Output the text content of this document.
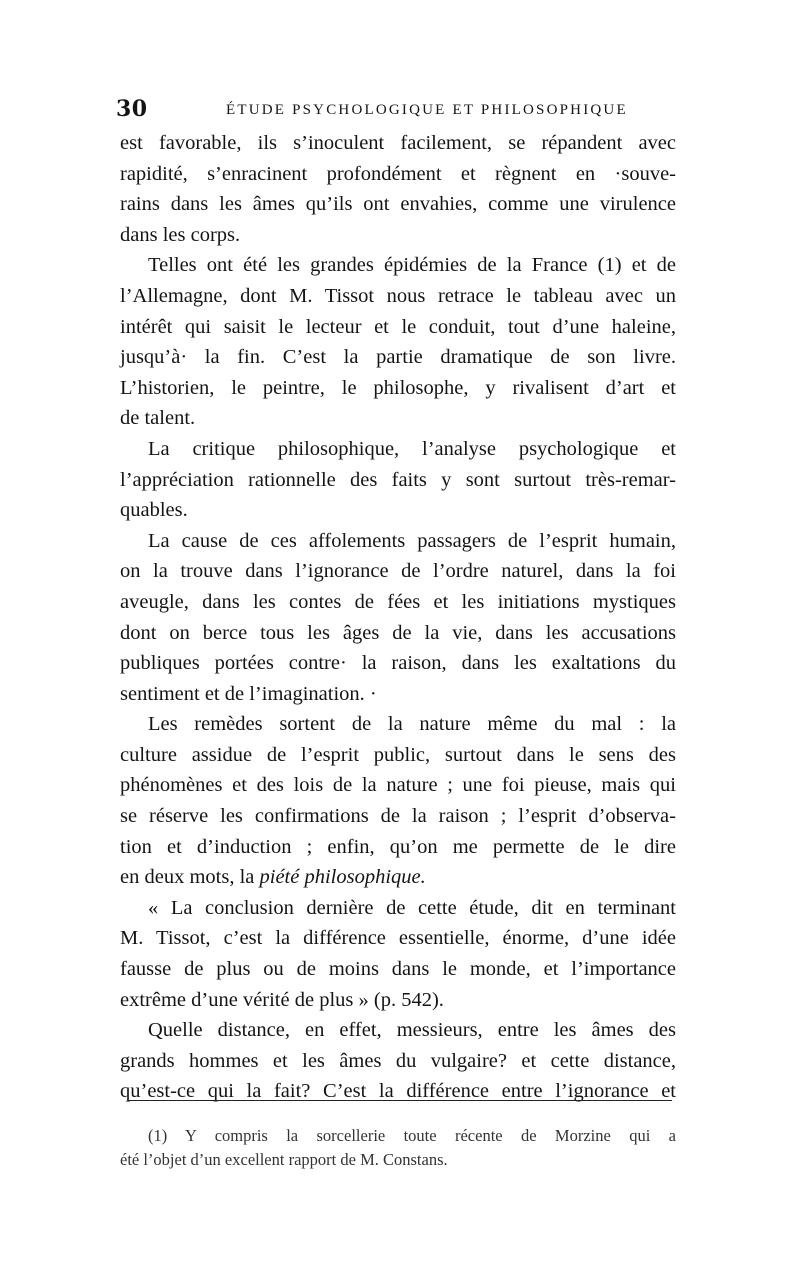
30	ÉTUDE PSYCHOLOGIQUE ET PHILOSOPHIQUE
est favorable, ils s’inoculent facilement, se répandent avec
rapidité, s’enracinent profondément et règnent en ·souve-
rains dans les âmes qu’ils ont envahies, comme une virulence
dans les corps.
Telles ont été les grandes épidémies de la France (1) et de
l’Allemagne, dont M. Tissot nous retrace le tableau avec un
intérêt qui saisit le lecteur et le conduit, tout d’une haleine,
jusqu’à· la fin. C’est la partie dramatique de son livre.
L’historien, le peintre, le philosophe, y rivalisent d’art et
de talent.
La critique philosophique, l’analyse psychologique et
l’appréciation rationnelle des faits y sont surtout très-remar-
quables.
La cause de ces affolements passagers de l’esprit humain,
on la trouve dans l’ignorance de l’ordre naturel, dans la foi
aveugle, dans les contes de fées et les initiations mystiques
dont on berce tous les âges de la vie, dans les accusations
publiques portées contre· la raison, dans les exaltations du
sentiment et de l’imagination. ·
Les remèdes sortent de la nature même du mal : la
culture assidue de l’esprit public, surtout dans le sens des
phénomènes et des lois de la nature ; une foi pieuse, mais qui
se réserve les confirmations de la raison ; l’esprit d’observa-
tion et d’induction ; enfin, qu’on me permette de le dire
en deux mots, la piété philosophique.
« La conclusion dernière de cette étude, dit en terminant
M. Tissot, c’est la différence essentielle, énorme, d’une idée
fausse de plus ou de moins dans le monde, et l’importance
extrême d’une vérité de plus » (p. 542).
Quelle distance, en effet, messieurs, entre les âmes des
grands hommes et les âmes du vulgaire? et cette distance,
qu’est-ce qui la fait? C’est la différence entre l’ignorance et
(1) Y compris la sorcellerie toute récente de Morzine qui a
été l’objet d’un excellent rapport de M. Constans.
